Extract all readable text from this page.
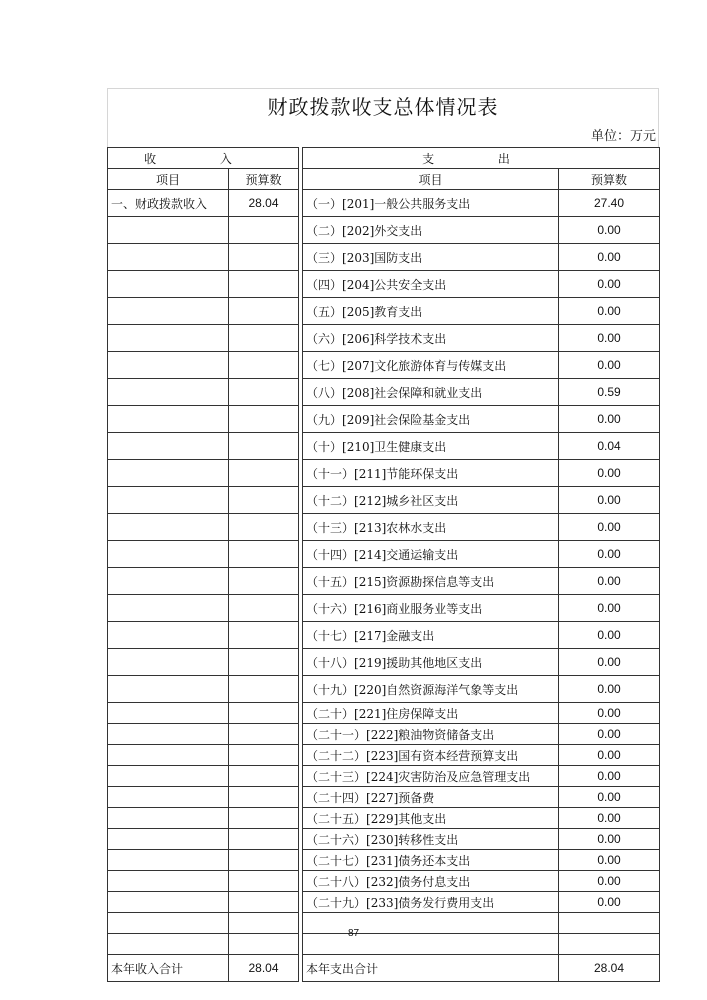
财政拨款收支总体情况表
单位：万元
收 入			支 出	
项目	预算数		项目	预算数
一、财政拨款收入	28.04		（一）[201]一般公共服务支出	27.40
			（二）[202]外交支出	0.00
			（三）[203]国防支出	0.00
			（四）[204]公共安全支出	0.00
			（五）[205]教育支出	0.00
			（六）[206]科学技术支出	0.00
			（七）[207]文化旅游体育与传媒支出	0.00
			（八）[208]社会保障和就业支出	0.59
			（九）[209]社会保险基金支出	0.00
			（十）[210]卫生健康支出	0.04
			（十一）[211]节能环保支出	0.00
			（十二）[212]城乡社区支出	0.00
			（十三）[213]农林水支出	0.00
			（十四）[214]交通运输支出	0.00
			（十五）[215]资源勘探信息等支出	0.00
			（十六）[216]商业服务业等支出	0.00
			（十七）[217]金融支出	0.00
			（十八）[219]援助其他地区支出	0.00
			（十九）[220]自然资源海洋气象等支出	0.00
			（二十）[221]住房保障支出	0.00
			（二十一）[222]粮油物资储备支出	0.00
			（二十二）[223]国有资本经营预算支出	0.00
			（二十三）[224]灾害防治及应急管理支出	0.00
			（二十四）[227]预备费	0.00
			（二十五）[229]其他支出	0.00
			（二十六）[230]转移性支出	0.00
			（二十七）[231]债务还本支出	0.00
			（二十八）[232]债务付息支出	0.00
			（二十九）[233]债务发行费用支出	0.00

本年收入合计	28.04		本年支出合计	28.04
87
